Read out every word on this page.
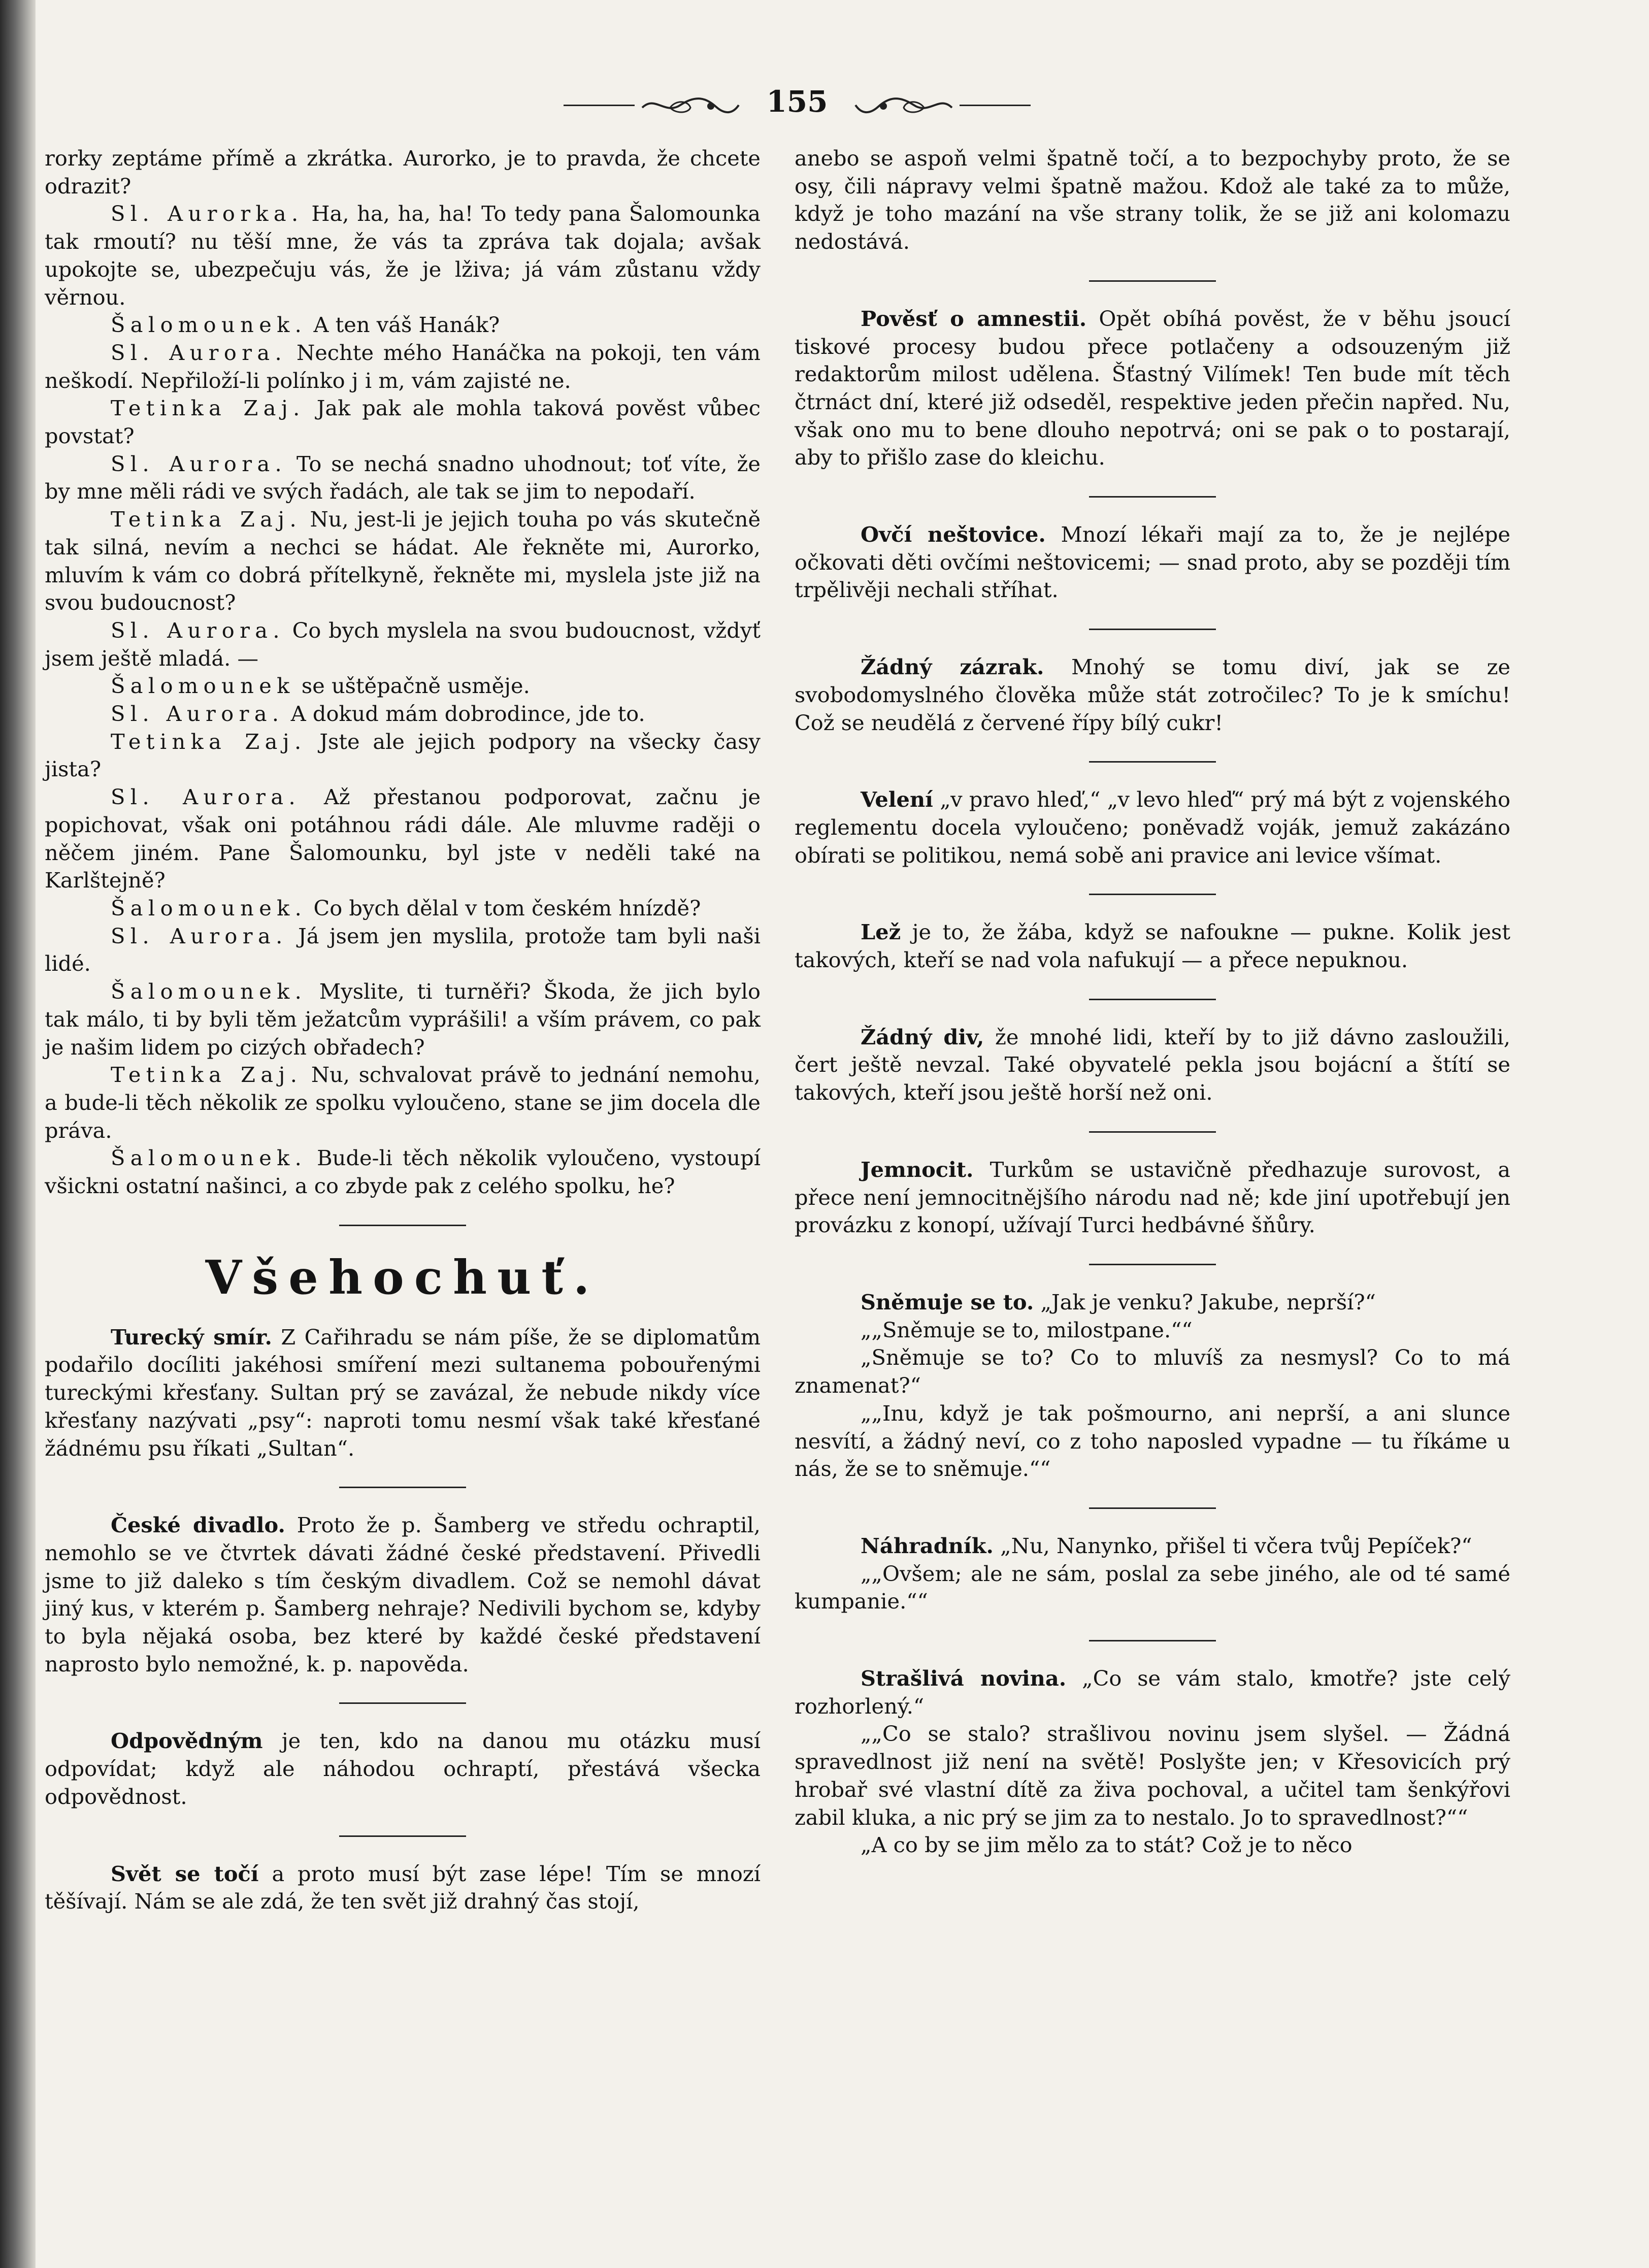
155

rorky zeptáme přímě a zkrátka. Aurorko, je to pravda, že chcete odrazit?

Sl. Aurorka. Ha, ha, ha, ha! To tedy pana Šalomounka tak rmoutí? nu těší mne, že vás ta zpráva tak dojala; avšak upokojte se, ubezpečuju vás, že je lživa; já vám zůstanu vždy věrnou.

Šalomounek. A ten váš Hanák?

Sl. Aurora. Nechte mého Hanáčka na pokoji, ten vám neškodí. Nepřiloží-li polínko j i m, vám zajisté ne.

Tetinka Zaj. Jak pak ale mohla taková pověst vůbec povstat?

Sl. Aurora. To se nechá snadno uhodnout; toť víte, že by mne měli rádi ve svých řadách, ale tak se jim to nepodaří.

Tetinka Zaj. Nu, jest-li je jejich touha po vás skutečně tak silná, nevím a nechci se hádat. Ale řekněte mi, Aurorko, mluvím k vám co dobrá přítelkyně, řekněte mi, myslela jste již na svou budoucnost?

Sl. Aurora. Co bych myslela na svou budoucnost, vždyť jsem ještě mladá. —

Šalomounek se uštěpačně usměje.

Sl. Aurora. A dokud mám dobrodince, jde to.

Tetinka Zaj. Jste ale jejich podpory na všecky časy jista?

Sl. Aurora. Až přestanou podporovat, začnu je popichovat, však oni potáhnou rádi dále. Ale mluvme raději o něčem jiném. Pane Šalomounku, byl jste v neděli také na Karlštejně?

Šalomounek. Co bych dělal v tom českém hnízdě?

Sl. Aurora. Já jsem jen myslila, protože tam byli naši lidé.

Šalomounek. Myslite, ti turněři? Škoda, že jich bylo tak málo, ti by byli těm ježatcům vyprášili! a vším právem, co pak je našim lidem po cizých obřadech?

Tetinka Zaj. Nu, schvalovat právě to jednání nemohu, a bude-li těch několik ze spolku vyloučeno, stane se jim docela dle práva.

Šalomounek. Bude-li těch několik vyloučeno, vystoupí všickni ostatní našinci, a co zbyde pak z celého spolku, he?

Všehochuť.

Turecký smír. Z Cařihradu se nám píše, že se diplomatům podařilo docíliti jakéhosi smíření mezi sultanema pobouřenými tureckými křesťany. Sultan prý se zavázal, že nebude nikdy více křesťany nazývati „psy“: naproti tomu nesmí však také křesťané žádnému psu říkati „Sultan“.

České divadlo. Proto že p. Šamberg ve středu ochraptil, nemohlo se ve čtvrtek dávati žádné české představení. Přivedli jsme to již daleko s tím českým divadlem. Což se nemohl dávat jiný kus, v kterém p. Šamberg nehraje? Nedivili bychom se, kdyby to byla nějaká osoba, bez které by každé české představení naprosto bylo nemožné, k. p. napověda.

Odpovědným je ten, kdo na danou mu otázku musí odpovídat; když ale náhodou ochraptí, přestává všecka odpovědnost.

Svět se točí a proto musí být zase lépe! Tím se mnozí těšívají. Nám se ale zdá, že ten svět již drahný čas stojí,

anebo se aspoň velmi špatně točí, a to bezpochyby proto, že se osy, čili nápravy velmi špatně mažou. Kdož ale také za to může, když je toho mazání na vše strany tolik, že se již ani kolomazu nedostává.

Pověsť o amnestii. Opět obíhá pověst, že v běhu jsoucí tiskové procesy budou přece potlačeny a odsouzeným již redaktorům milost udělena. Šťastný Vilímek! Ten bude mít těch čtrnáct dní, které již odseděl, respektive jeden přečin napřed. Nu, však ono mu to bene dlouho nepotrvá; oni se pak o to postarají, aby to přišlo zase do kleichu.

Ovčí neštovice. Mnozí lékaři mají za to, že je nejlépe očkovati děti ovčími neštovicemi; — snad proto, aby se později tím trpělivěji nechali stříhat.

Žádný zázrak. Mnohý se tomu diví, jak se ze svobodomyslného člověka může stát zotročilec? To je k smíchu! Což se neudělá z červené řípy bílý cukr!

Velení „v pravo hleď,“ „v levo hleď“ prý má být z vojenského reglementu docela vyloučeno; poněvadž voják, jemuž zakázáno obírati se politikou, nemá sobě ani pravice ani levice všímat.

Lež je to, že žába, když se nafoukne — pukne. Kolik jest takových, kteří se nad vola nafukují — a přece nepuknou.

Žádný div, že mnohé lidi, kteří by to již dávno zasloužili, čert ještě nevzal. Také obyvatelé pekla jsou bojácní a štítí se takových, kteří jsou ještě horší než oni.

Jemnocit. Turkům se ustavičně předhazuje surovost, a přece není jemnocitnějšího národu nad ně; kde jiní upotřebují jen provázku z konopí, užívají Turci hedbávné šňůry.

Sněmuje se to. „Jak je venku? Jakube, neprší?“

„„Sněmuje se to, milostpane.““

„Sněmuje se to? Co to mluvíš za nesmysl? Co to má znamenat?“

„„Inu, když je tak pošmourno, ani neprší, a ani slunce nesvítí, a žádný neví, co z toho naposled vypadne — tu říkáme u nás, že se to sněmuje.““

Náhradník. „Nu, Nanynko, přišel ti včera tvůj Pepíček?“

„„Ovšem; ale ne sám, poslal za sebe jiného, ale od té samé kumpanie.““

Strašlivá novina. „Co se vám stalo, kmotře? jste celý rozhorlený.“

„„Co se stalo? strašlivou novinu jsem slyšel. — Žádná spravedlnost již není na světě! Poslyšte jen; v Křesovicích prý hrobař své vlastní dítě za živa pochoval, a učitel tam šenkýřovi zabil kluka, a nic prý se jim za to nestalo. Jo to spravedlnost?““

„A co by se jim mělo za to stát? Což je to něco
